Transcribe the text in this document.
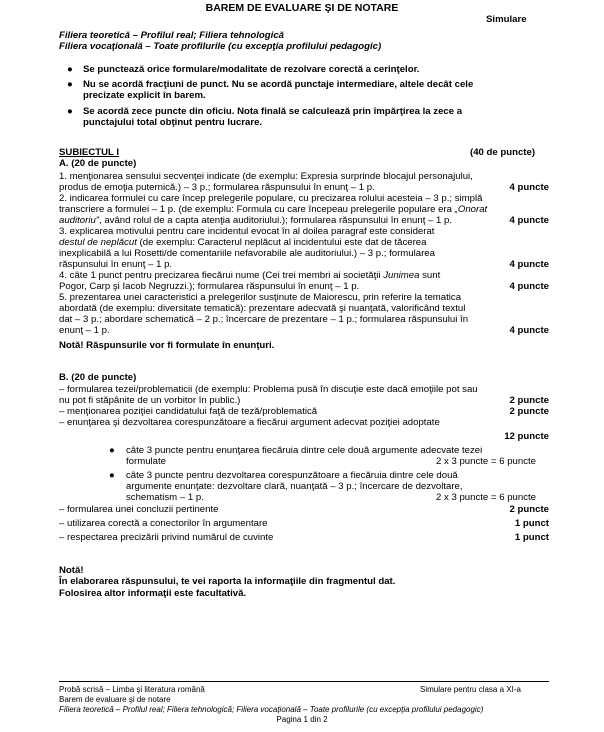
BAREM DE EVALUARE ŞI DE NOTARE
Simulare
Filiera teoretică – Profilul real; Filiera tehnologică
Filiera vocaţională – Toate profilurile (cu excepţia profilului pedagogic)
● Se punctează orice formulare/modalitate de rezolvare corectă a cerinţelor.
● Nu se acordă fracţiuni de punct. Nu se acordă punctaje intermediare, altele decât cele
precizate explicit în barem.
● Se acordă zece puncte din oficiu. Nota finală se calculează prin împărţirea la zece a
punctajului total obţinut pentru lucrare.
SUBIECTUL I	(40 de puncte)
A. (20 de puncte)
1. menţionarea sensului secvenţei indicate (de exemplu: Expresia surprinde blocajul personajului,
produs de emoţia puternică.) – 3 p.; formularea răspunsului în enunţ – 1 p.	4 puncte
2. indicarea formulei cu care încep prelegerile populare, cu precizarea rolului acesteia – 3 p.; simplă
transcriere a formulei – 1 p. (de exemplu: Formula cu care începeau prelegerile populare era „Onorat
auditoriu”, având rolul de a capta atenţia auditoriului.); formularea răspunsului în enunţ – 1 p.	4 puncte
3. explicarea motivului pentru care incidentul evocat în al doilea paragraf este considerat
destul de neplăcut (de exemplu: Caracterul neplăcut al incidentului este dat de tăcerea
inexplicabilă a lui Rosetti/de comentariile nefavorabile ale auditoriului.) – 3 p.; formularea
răspunsului în enunţ – 1 p.	4 puncte
4. câte 1 punct pentru precizarea fiecărui nume (Cei trei membri ai societăţii Junimea sunt
Pogor, Carp şi Iacob Negruzzi.); formularea răspunsului în enunţ – 1 p.	4 puncte
5. prezentarea unei caracteristici a prelegerilor susţinute de Maiorescu, prin referire la tematica
abordată (de exemplu: diversitate tematică): prezentare adecvată şi nuanţată, valorificând textul
dat – 3 p.; abordare schematică – 2 p.; încercare de prezentare – 1 p.; formularea răspunsului în
enunţ – 1 p.	4 puncte
Notă! Răspunsurile vor fi formulate în enunţuri.
B. (20 de puncte)
– formularea tezei/problematicii (de exemplu: Problema pusă în discuţie este dacă emoţiile pot sau
nu pot fi stăpânite de un vorbitor în public.)	2 puncte
– menţionarea poziţiei candidatului faţă de teză/problematică	2 puncte
– enunţarea şi dezvoltarea corespunzătoare a fiecărui argument adecvat poziţiei adoptate
12 puncte
● câte 3 puncte pentru enunţarea fiecăruia dintre cele două argumente adecvate tezei
formulate	2 x 3 puncte = 6 puncte
● câte 3 puncte pentru dezvoltarea corespunzătoare a fiecăruia dintre cele două
argumente enunţate: dezvoltare clară, nuanţată – 3 p.; încercare de dezvoltare,
schematism – 1 p.	2 x 3 puncte = 6 puncte
– formularea unei concluzii pertinente	2 puncte
– utilizarea corectă a conectorilor în argumentare	1 punct
– respectarea precizării privind numărul de cuvinte	1 punct
Notă!
În elaborarea răspunsului, te vei raporta la informaţiile din fragmentul dat.
Folosirea altor informaţii este facultativă.
Probă scrisă – Limba şi literatura română	Simulare pentru clasa a XI-a
Barem de evaluare şi de notare
Filiera teoretică – Profilul real; Filiera tehnologică; Filiera vocaţională – Toate profilurile (cu excepţia profilului pedagogic)
Pagina 1 din 2
